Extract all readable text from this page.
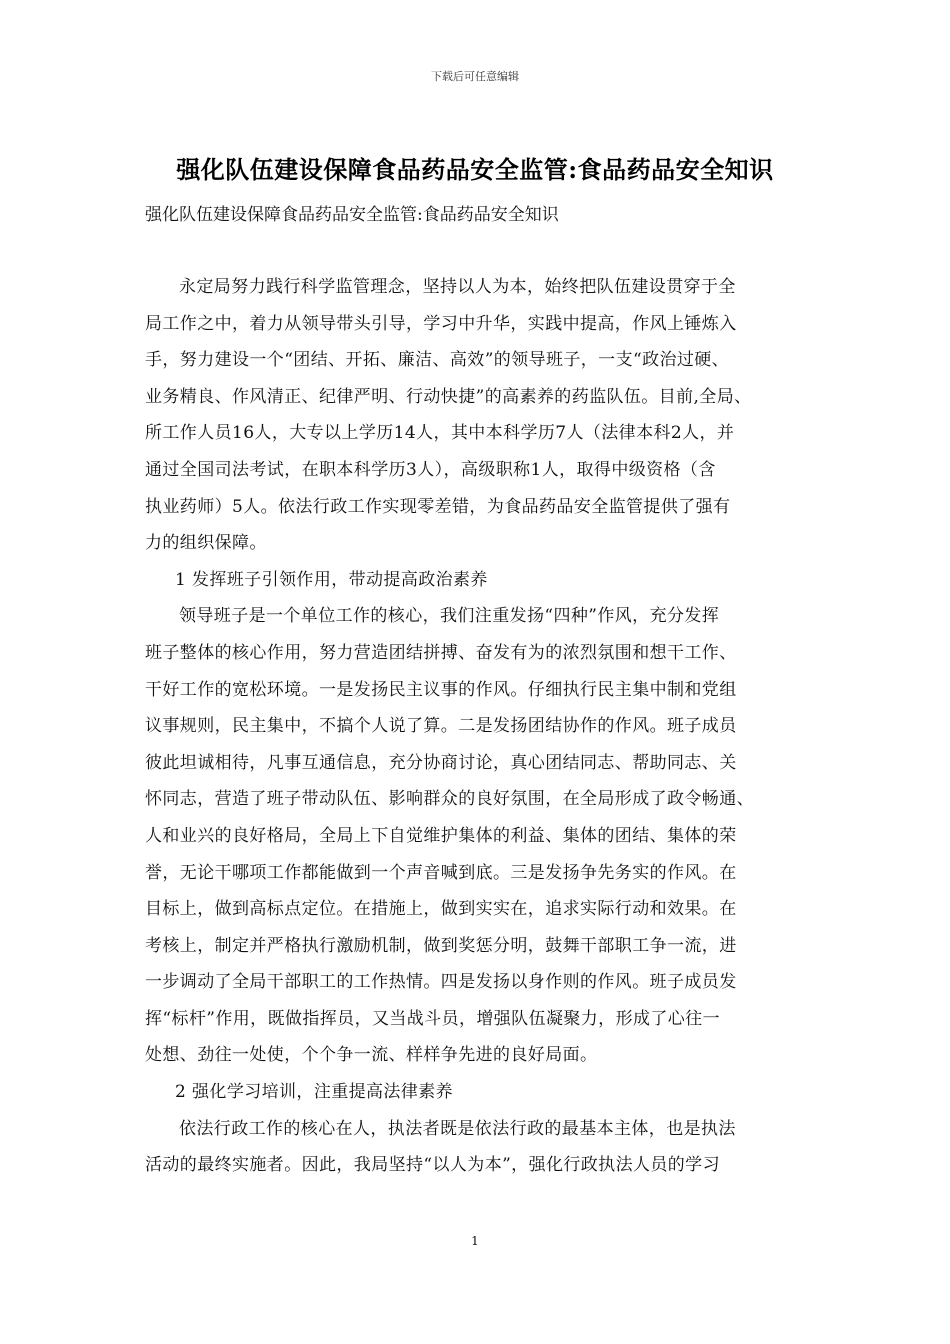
下载后可任意编辑
强化队伍建设保障食品药品安全监管:食品药品安全知识
强化队伍建设保障食品药品安全监管:食品药品安全知识
永定局努力践行科学监管理念，坚持以人为本，始终把队伍建设贯穿于全
局工作之中，着力从领导带头引导，学习中升华，实践中提高，作风上锤炼入
手，努力建设一个“团结、开拓、廉洁、高效”的领导班子，一支“政治过硬、
业务精良、作风清正、纪律严明、行动快捷”的高素养的药监队伍。目前,全局、
所工作人员16人，大专以上学历14人，其中本科学历7人（法律本科2人，并
通过全国司法考试，在职本科学历3人），高级职称1人，取得中级资格（含
执业药师）5人。依法行政工作实现零差错，为食品药品安全监管提供了强有
力的组织保障。
1 发挥班子引领作用，带动提高政治素养
领导班子是一个单位工作的核心，我们注重发扬“四种”作风，充分发挥
班子整体的核心作用，努力营造团结拼搏、奋发有为的浓烈氛围和想干工作、
干好工作的宽松环境。一是发扬民主议事的作风。仔细执行民主集中制和党组
议事规则，民主集中，不搞个人说了算。二是发扬团结协作的作风。班子成员
彼此坦诚相待，凡事互通信息，充分协商讨论，真心团结同志、帮助同志、关
怀同志，营造了班子带动队伍、影响群众的良好氛围，在全局形成了政令畅通、
人和业兴的良好格局，全局上下自觉维护集体的利益、集体的团结、集体的荣
誉，无论干哪项工作都能做到一个声音喊到底。三是发扬争先务实的作风。在
目标上，做到高标点定位。在措施上，做到实实在，追求实际行动和效果。在
考核上，制定并严格执行激励机制，做到奖惩分明，鼓舞干部职工争一流，进
一步调动了全局干部职工的工作热情。四是发扬以身作则的作风。班子成员发
挥“标杆”作用，既做指挥员，又当战斗员，增强队伍凝聚力，形成了心往一
处想、劲往一处使，个个争一流、样样争先进的良好局面。
2 强化学习培训，注重提高法律素养
依法行政工作的核心在人，执法者既是依法行政的最基本主体，也是执法
活动的最终实施者。因此，我局坚持“以人为本”，强化行政执法人员的学习
1
